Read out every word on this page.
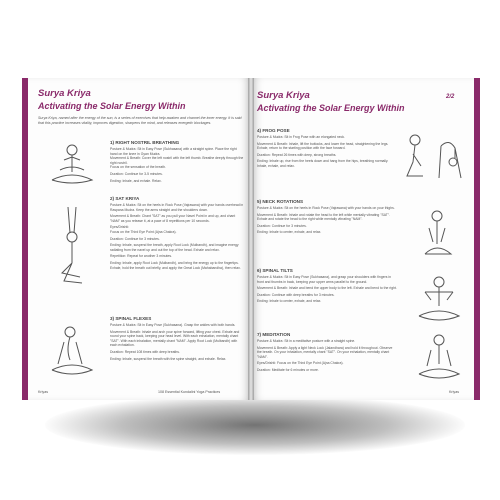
Surya Kriya
Activating the Solar Energy Within
Surya Kriya, named after the energy of the sun, is a series of exercises that help awaken and channel the inner energy. It is said that this practice increases vitality, improves digestion, sharpens the mind, and releases energetic blockages.
1) RIGHT NOSTRIL BREATHING
Posture & Mudra: Sit in Easy Pose (Sukhasana) with a straight spine. Place the right hand on the knee in Gyan Mudra.
Movement & Breath: Cover the left nostril with the left thumb. Breathe deeply through the right nostril.
Focus on the sensation of the breath.
Duration: Continue for 3-5 minutes.
Ending: Inhale, and exhale. Relax.
2) SAT KRIYA
Posture & Mudra: Sit on the heels in Rock Pose (Vajrasana) with your hands overhead in Raspana Mudra. Keep the arms straight and the shoulders down.
Movement & Breath: Chant "SAT" as you pull your Navel Point in and up, and chant "NAM" as you release it, at a pace of 8 repetitions per 10 seconds.
Eyes/Drishti:
Focus on the Third Eye Point (Ajna Chakra).
Duration: Continue for 3 minutes.
Ending: Inhale, suspend the breath, apply Root Lock (Mulbandh), and imagine energy radiating from the navel up and out the top of the head. Exhale and relax.
Repetition: Repeat for another 3 minutes.
Ending: Inhale, apply Root Lock (Mulbandh), and bring the energy up to the fingertips. Exhale, hold the breath out briefly, and apply the Great Lock (Mahabandha), then relax.
3) SPINAL FLEXES
Posture & Mudra: Sit in Easy Pose (Sukhasana). Grasp the ankles with both hands.
Movement & Breath: Inhale and arch your spine forward, lifting your chest. Exhale and round your spine back, keeping your head level. With each exhalation, mentally chant "SAT". With each inhalation, mentally chant "NAM". Apply Root Lock (Mulbandh) with each exhalation.
Duration: Repeat 108 times with deep breaths.
Ending: Inhale, suspend the breath with the spine straight, and exhale. Relax.
Kriyas	108 Essential Kundalini Yoga Practices
Surya Kriya
Activating the Solar Energy Within
2/2
4) FROG POSE
Posture & Mudra: Sit in Frog Pose with an elongated neck.
Movement & Breath: Inhale, lift the buttocks, and lower the head, straightening the legs. Exhale, return to the starting position with the face forward.
Duration: Repeat 26 times with deep, strong breaths.
Ending: Inhale up, rise from the heels down and hang from the hips, breathing normally. Inhale, exhale, and relax.
5) NECK ROTATIONS
Posture & Mudra: Sit on the heels in Rock Pose (Vajrasana) with your hands on your thighs.
Movement & Breath: Inhale and rotate the head to the left while mentally vibrating "SAT". Exhale and rotate the head to the right while mentally vibrating "NAM".
Duration: Continue for 3 minutes.
Ending: Inhale to center, exhale, and relax.
6) SPINAL TILTS
Posture & Mudra: Sit in Easy Pose (Sukhasana), and grasp your shoulders with fingers in front and thumbs in back, keeping your upper arms parallel to the ground.
Movement & Breath: Inhale and bend the upper body to the left. Exhale and bend to the right.
Duration: Continue with deep breaths for 3 minutes.
Ending: Inhale to center, exhale, and relax.
7) MEDITATION
Posture & Mudra: Sit in a meditative posture with a straight spine.
Movement & Breath: Apply a light Neck Lock (Jalandhara) and hold it throughout. Observe the breath. On your inhalation, mentally chant "SAT". On your exhalation, mentally chant "NAM".
Eyes/Drishti: Focus on the Third Eye Point (Ajna Chakra).
Duration: Meditate for 6 minutes or more.
Kriyas
